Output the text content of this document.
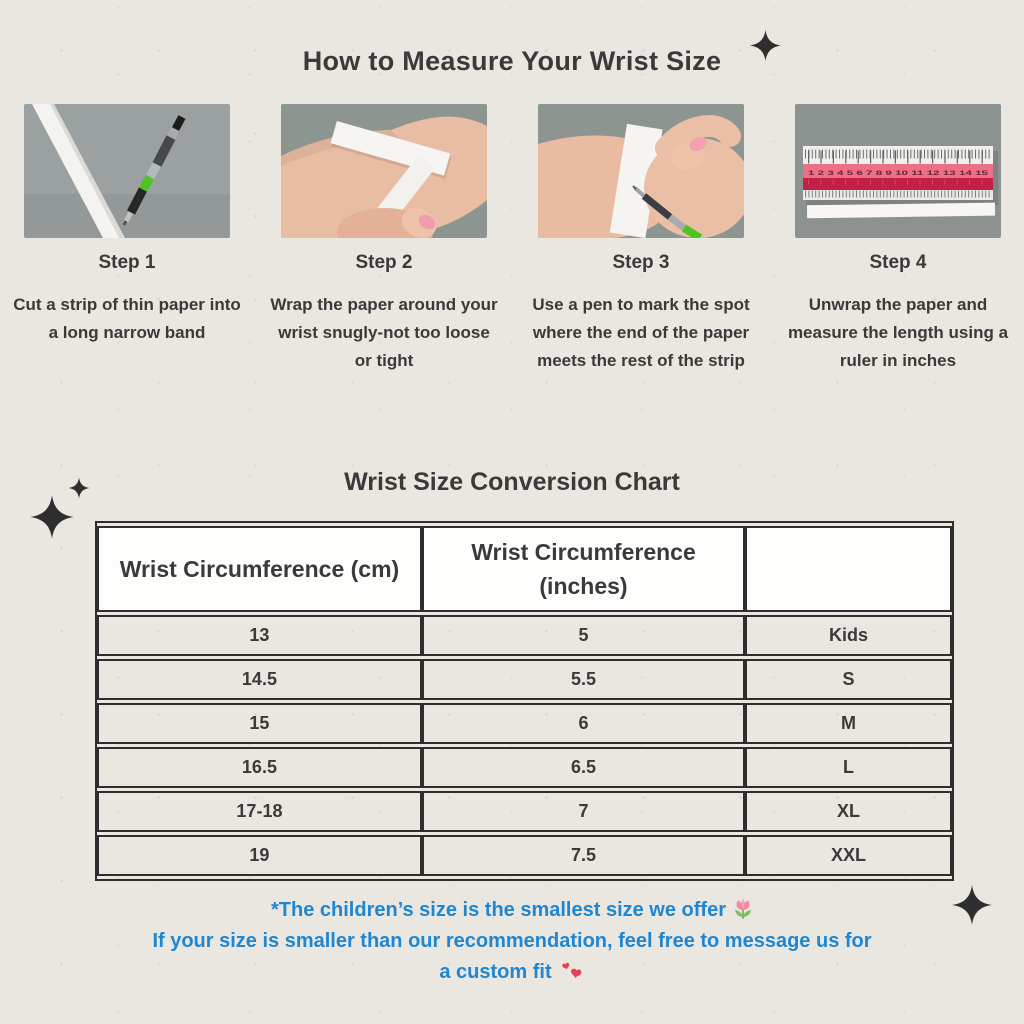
How to Measure Your Wrist Size
1 2 3 4 5 6 7 8 9 10 11 12 13 14 15
Step 1

Cut a strip of thin paper into a long narrow band

Step 2

Wrap the paper around your wrist snugly-not too loose or tight

Step 3

Use a pen to mark the spot where the end of the paper meets the rest of the strip

Step 4

Unwrap the paper and measure the length using a ruler in inches

Wrist Size Conversion Chart
Wrist Circumference (cm)	Wrist Circumference (inches)	
13	5	Kids
14.5	5.5	S
15	6	M
16.5	6.5	L
17-18	7	XL
19	7.5	XXL
*The children’s size is the smallest size we offer
If your size is smaller than our recommendation, feel free to message us for
a custom fit
